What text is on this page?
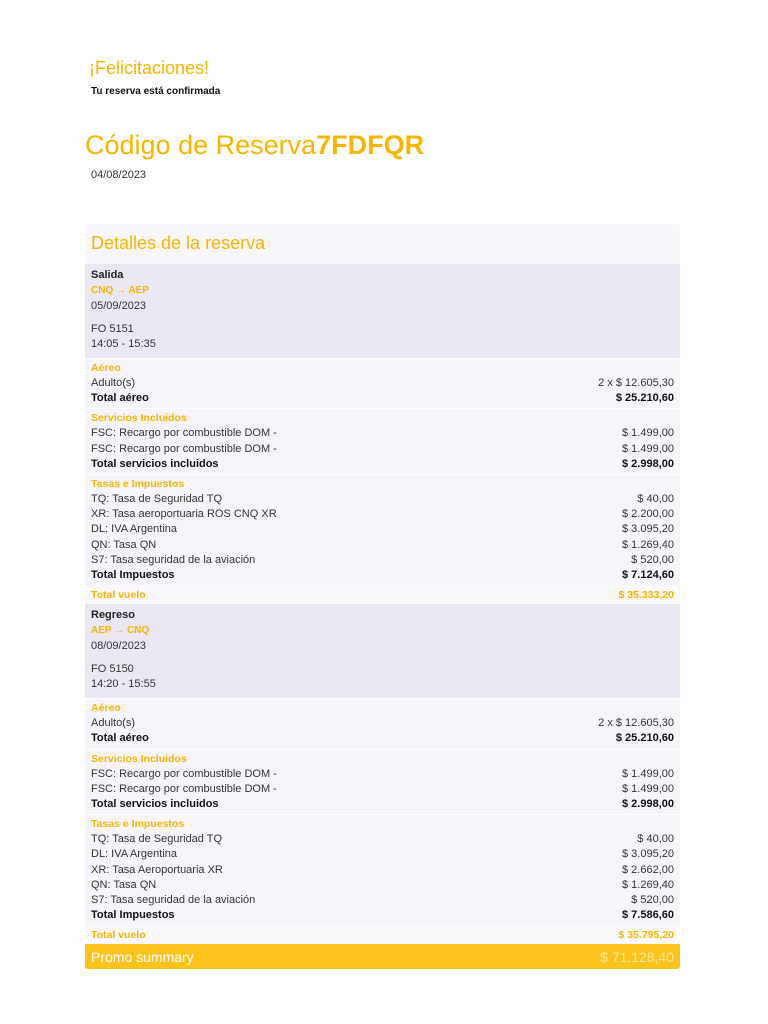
¡Felicitaciones!
Tu reserva está confirmada
Código de Reserva7FDFQR
04/08/2023
Detalles de la reserva
Salida
CNQ → AEP
05/09/2023
FO 5151
14:05 - 15:35
Aéreo
Adulto(s)	2 x $ 12.605,30
Total aéreo	$ 25.210,60
Servicios Incluidos
FSC: Recargo por combustible DOM -	$ 1.499,00
FSC: Recargo por combustible DOM -	$ 1.499,00
Total servicios incluidos	$ 2.998,00
Tasas e Impuestos
TQ: Tasa de Seguridad TQ	$ 40,00
XR: Tasa aeroportuaria ROS CNQ XR	$ 2.200,00
DL: IVA Argentina	$ 3.095,20
QN: Tasa QN	$ 1.269,40
S7: Tasa seguridad de la aviación	$ 520,00
Total Impuestos	$ 7.124,60
Total vuelo	$ 35.333,20
Regreso
AEP → CNQ
08/09/2023
FO 5150
14:20 - 15:55
Aéreo
Adulto(s)	2 x $ 12.605,30
Total aéreo	$ 25.210,60
Servicios Incluidos
FSC: Recargo por combustible DOM -	$ 1.499,00
FSC: Recargo por combustible DOM -	$ 1.499,00
Total servicios incluidos	$ 2.998,00
Tasas e Impuestos
TQ: Tasa de Seguridad TQ	$ 40,00
DL: IVA Argentina	$ 3.095,20
XR: Tasa Aeroportuaria XR	$ 2.662,00
QN: Tasa QN	$ 1.269,40
S7: Tasa seguridad de la aviación	$ 520,00
Total Impuestos	$ 7.586,60
Total vuelo	$ 35.795,20
Promo summary	$ 71.128,40
